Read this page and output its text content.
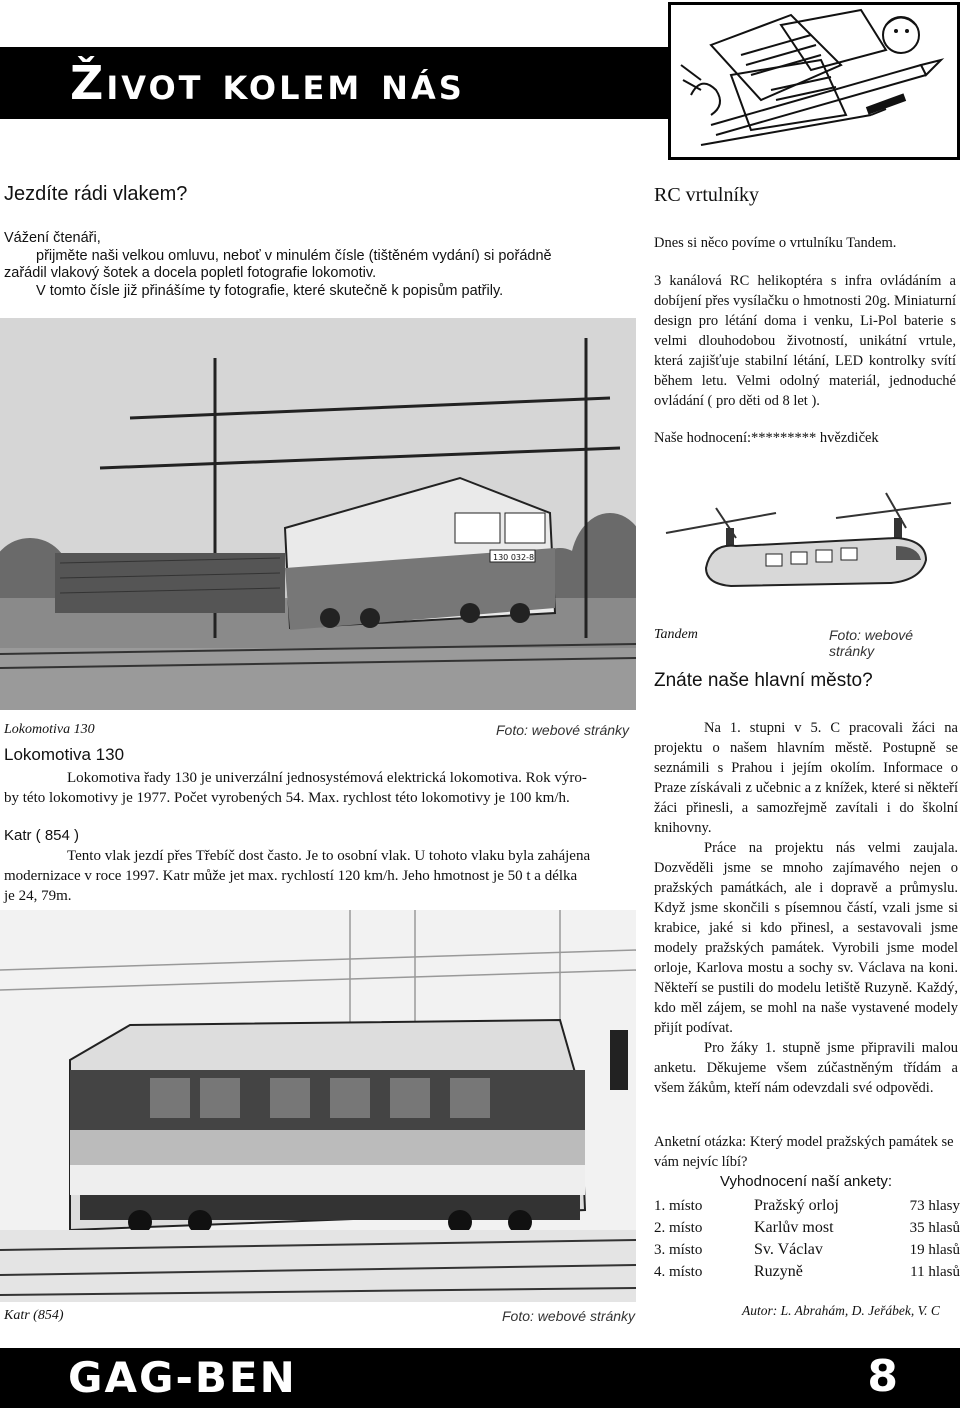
Život kolem nás
Jezdíte rádi vlakem?
Vážení čtenáři,
přijměte naši velkou omluvu, neboť v minulém čísle (tištěném vydání) si pořádně
zařádil vlakový šotek a docela popletl fotografie lokomotiv.
V tomto čísle již přinášíme ty fotografie, které skutečně k popisům patřily.
130 032-8
Lokomotiva 130	Foto: webové stránky
Lokomotiva 130
Lokomotiva řady 130 je univerzální jednosystémová elektrická lokomotiva. Rok výro-
by této lokomotivy je 1977. Počet vyrobených 54. Max. rychlost této lokomotivy je 100 km/h.
Katr ( 854 )
Tento vlak jezdí přes Třebíč dost často. Je to osobní vlak. U tohoto vlaku byla zahájena
modernizace v roce 1997. Katr může jet max. rychlostí 120 km/h. Jeho hmotnost je 50 t a délka
je 24, 79m.
Katr (854)	Foto: webové stránky
RC vrtulníky
Dnes si něco povíme o vrtulníku Tandem.
3 kanálová RC helikoptéra s infra ovládáním a dobíjení přes vysílačku o hmotnosti 20g. Miniaturní design pro létání doma i venku, Li-Pol baterie s velmi dlouhodobou životností, unikátní vrtule, která zajišťuje stabilní létání, LED kontrolky svítí během letu. Velmi odolný materiál, jednoduché ovládání ( pro děti od 8 let ).
Naše hodnocení:********* hvězdiček
Tandem	Foto: webové stránky
Znáte naše hlavní město?
Na 1. stupni v 5. C pracovali žáci na projektu o našem hlavním městě. Postupně se seznámili s Prahou i jejím okolím. Informace o Praze získávali z učebnic a z knížek, které si někteří žáci přinesli, a samozřejmě zavítali i do školní knihovny.
Práce na projektu nás velmi zaujala. Dozvěděli jsme se mnoho zajímavého nejen o pražských památkách, ale i dopravě a průmyslu. Když jsme skončili s písemnou částí, vzali jsme si krabice, jaké si kdo přinesl, a sestavovali jsme modely pražských památek. Vyrobili jsme model orloje, Karlova mostu a sochy sv. Václava na koni. Někteří se pustili do modelu letiště Ruzyně. Každý, kdo měl zájem, se mohl na naše vystavené modely přijít podívat.
Pro žáky 1. stupně jsme připravili malou anketu. Děkujeme všem zúčastněným třídám a všem žákům, kteří nám odevzdali své odpovědi.
Anketní otázka: Který model pražských památek se vám nejvíc líbí?
Vyhodnocení naší ankety:
1. místo	Pražský orloj	73 hlasy
2. místo	Karlův most	35 hlasů
3. místo	Sv. Václav	19 hlasů
4. místo	Ruzyně	11 hlasů
Autor: L. Abrahám, D. Jeřábek, V. C
GAG-BEN	8
